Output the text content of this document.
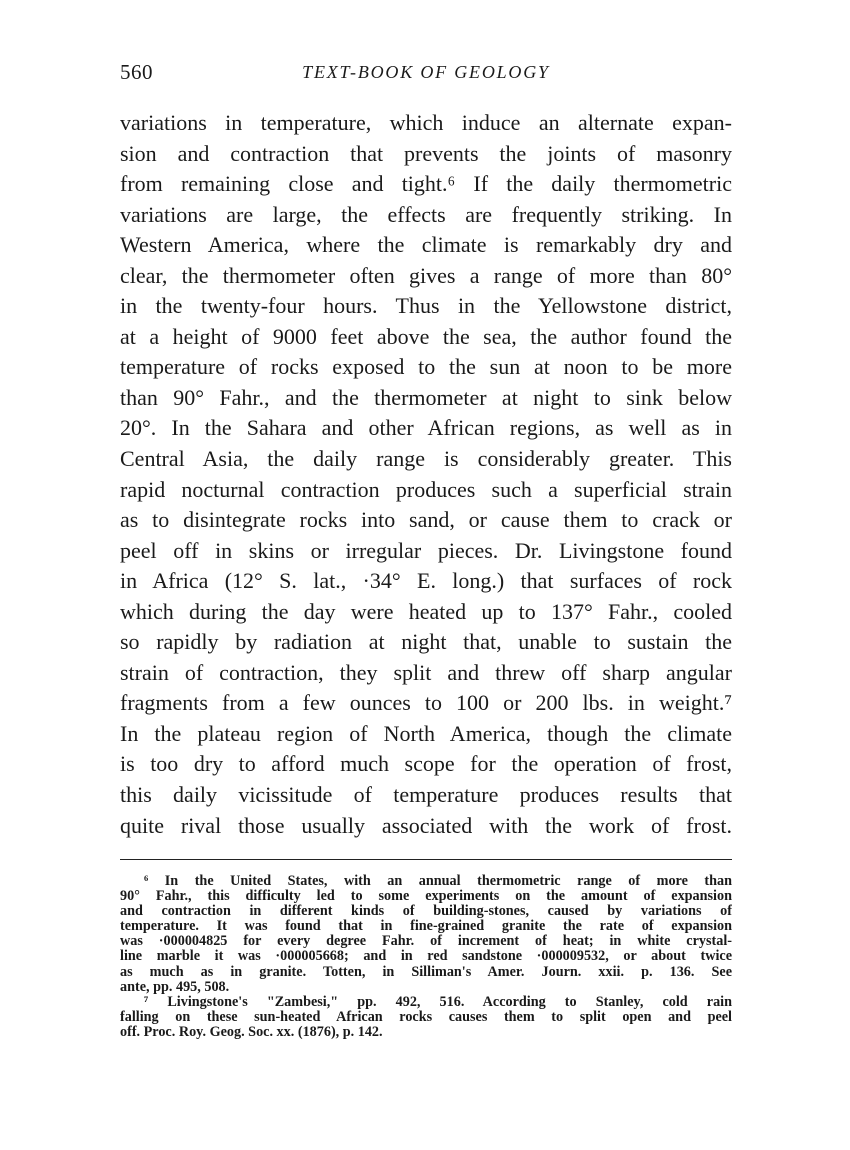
560	TEXT-BOOK OF GEOLOGY
variations in temperature, which induce an alternate expan-
sion and contraction that prevents the joints of masonry
from remaining close and tight.⁶ If the daily thermometric
variations are large, the effects are frequently striking. In
Western America, where the climate is remarkably dry and
clear, the thermometer often gives a range of more than 80°
in the twenty-four hours. Thus in the Yellowstone district,
at a height of 9000 feet above the sea, the author found the
temperature of rocks exposed to the sun at noon to be more
than 90° Fahr., and the thermometer at night to sink below
20°. In the Sahara and other African regions, as well as in
Central Asia, the daily range is considerably greater. This
rapid nocturnal contraction produces such a superficial strain
as to disintegrate rocks into sand, or cause them to crack or
peel off in skins or irregular pieces. Dr. Livingstone found
in Africa (12° S. lat., ·34° E. long.) that surfaces of rock
which during the day were heated up to 137° Fahr., cooled
so rapidly by radiation at night that, unable to sustain the
strain of contraction, they split and threw off sharp angular
fragments from a few ounces to 100 or 200 lbs. in weight.⁷
In the plateau region of North America, though the climate
is too dry to afford much scope for the operation of frost,
this daily vicissitude of temperature produces results that
quite rival those usually associated with the work of frost.
⁶ In the United States, with an annual thermometric range of more than
90° Fahr., this difficulty led to some experiments on the amount of expansion
and contraction in different kinds of building-stones, caused by variations of
temperature. It was found that in fine-grained granite the rate of expansion
was ·000004825 for every degree Fahr. of increment of heat; in white crystal-
line marble it was ·000005668; and in red sandstone ·000009532, or about twice
as much as in granite. Totten, in Silliman's Amer. Journ. xxii. p. 136. See
ante, pp. 495, 508.
⁷ Livingstone's "Zambesi," pp. 492, 516. According to Stanley, cold rain
falling on these sun-heated African rocks causes them to split open and peel
off. Proc. Roy. Geog. Soc. xx. (1876), p. 142.
